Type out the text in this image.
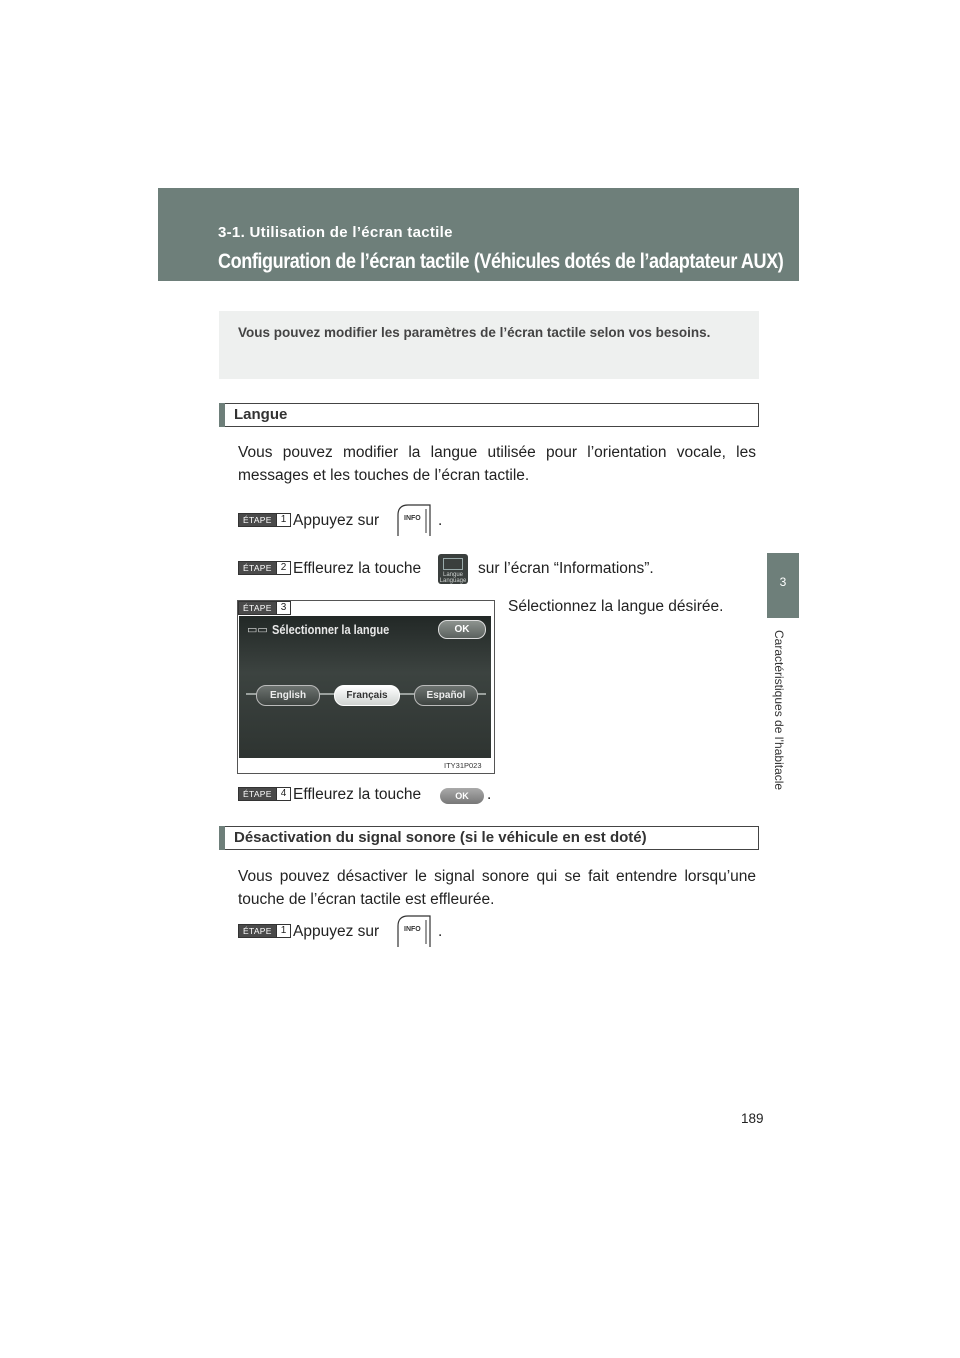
3-1. Utilisation de l’écran tactile
Configuration de l’écran tactile (Véhicules dotés de l’adaptateur AUX)
3
Caractéristiques de l’habitacle
Vous pouvez modifier les paramètres de l’écran tactile selon vos besoins.
Langue
Vous pouvez modifier la langue utilisée pour l’orientation vocale, les messages et les touches de l’écran tactile.
ÉTAPE 1 Appuyez sur	INFO .
ÉTAPE 2 Effleurez la touche	Langue
Language
sur l’écran “Informations”.
ÉTAPE 3
▭▭ Sélectionner la langue	OK
English	Français	Español
ITY31P023
Sélectionnez la langue désirée.
ÉTAPE 4 Effleurez la touche	OK	.
Désactivation du signal sonore (si le véhicule en est doté)
Vous pouvez désactiver le signal sonore qui se fait entendre lorsqu’une touche de l’écran tactile est effleurée.
ÉTAPE 1 Appuyez sur	INFO .
189
